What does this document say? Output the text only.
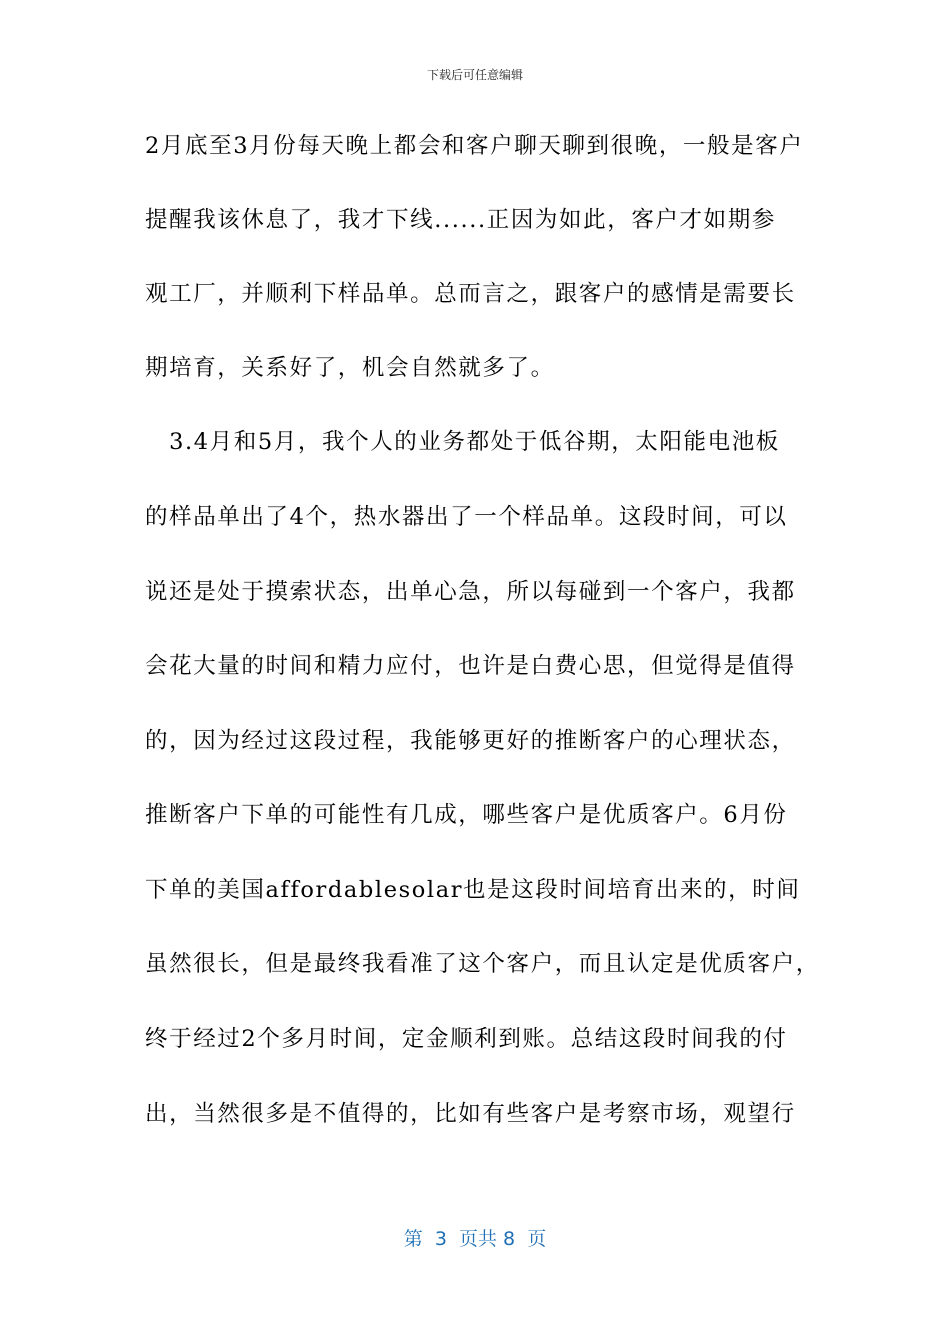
下载后可任意编辑
2月底至3月份每天晚上都会和客户聊天聊到很晚，一般是客户
提醒我该休息了，我才下线......正因为如此，客户才如期参
观工厂，并顺利下样品单。总而言之，跟客户的感情是需要长
期培育，关系好了，机会自然就多了。
　3.4月和5月，我个人的业务都处于低谷期，太阳能电池板
的样品单出了4个，热水器出了一个样品单。这段时间，可以
说还是处于摸索状态，出单心急，所以每碰到一个客户，我都
会花大量的时间和精力应付，也许是白费心思，但觉得是值得
的，因为经过这段过程，我能够更好的推断客户的心理状态，
推断客户下单的可能性有几成，哪些客户是优质客户。6月份
下单的美国affordablesolar也是这段时间培育出来的，时间
虽然很长，但是最终我看准了这个客户，而且认定是优质客户，
终于经过2个多月时间，定金顺利到账。总结这段时间我的付
出，当然很多是不值得的，比如有些客户是考察市场，观望行
第  3  页共 8  页
